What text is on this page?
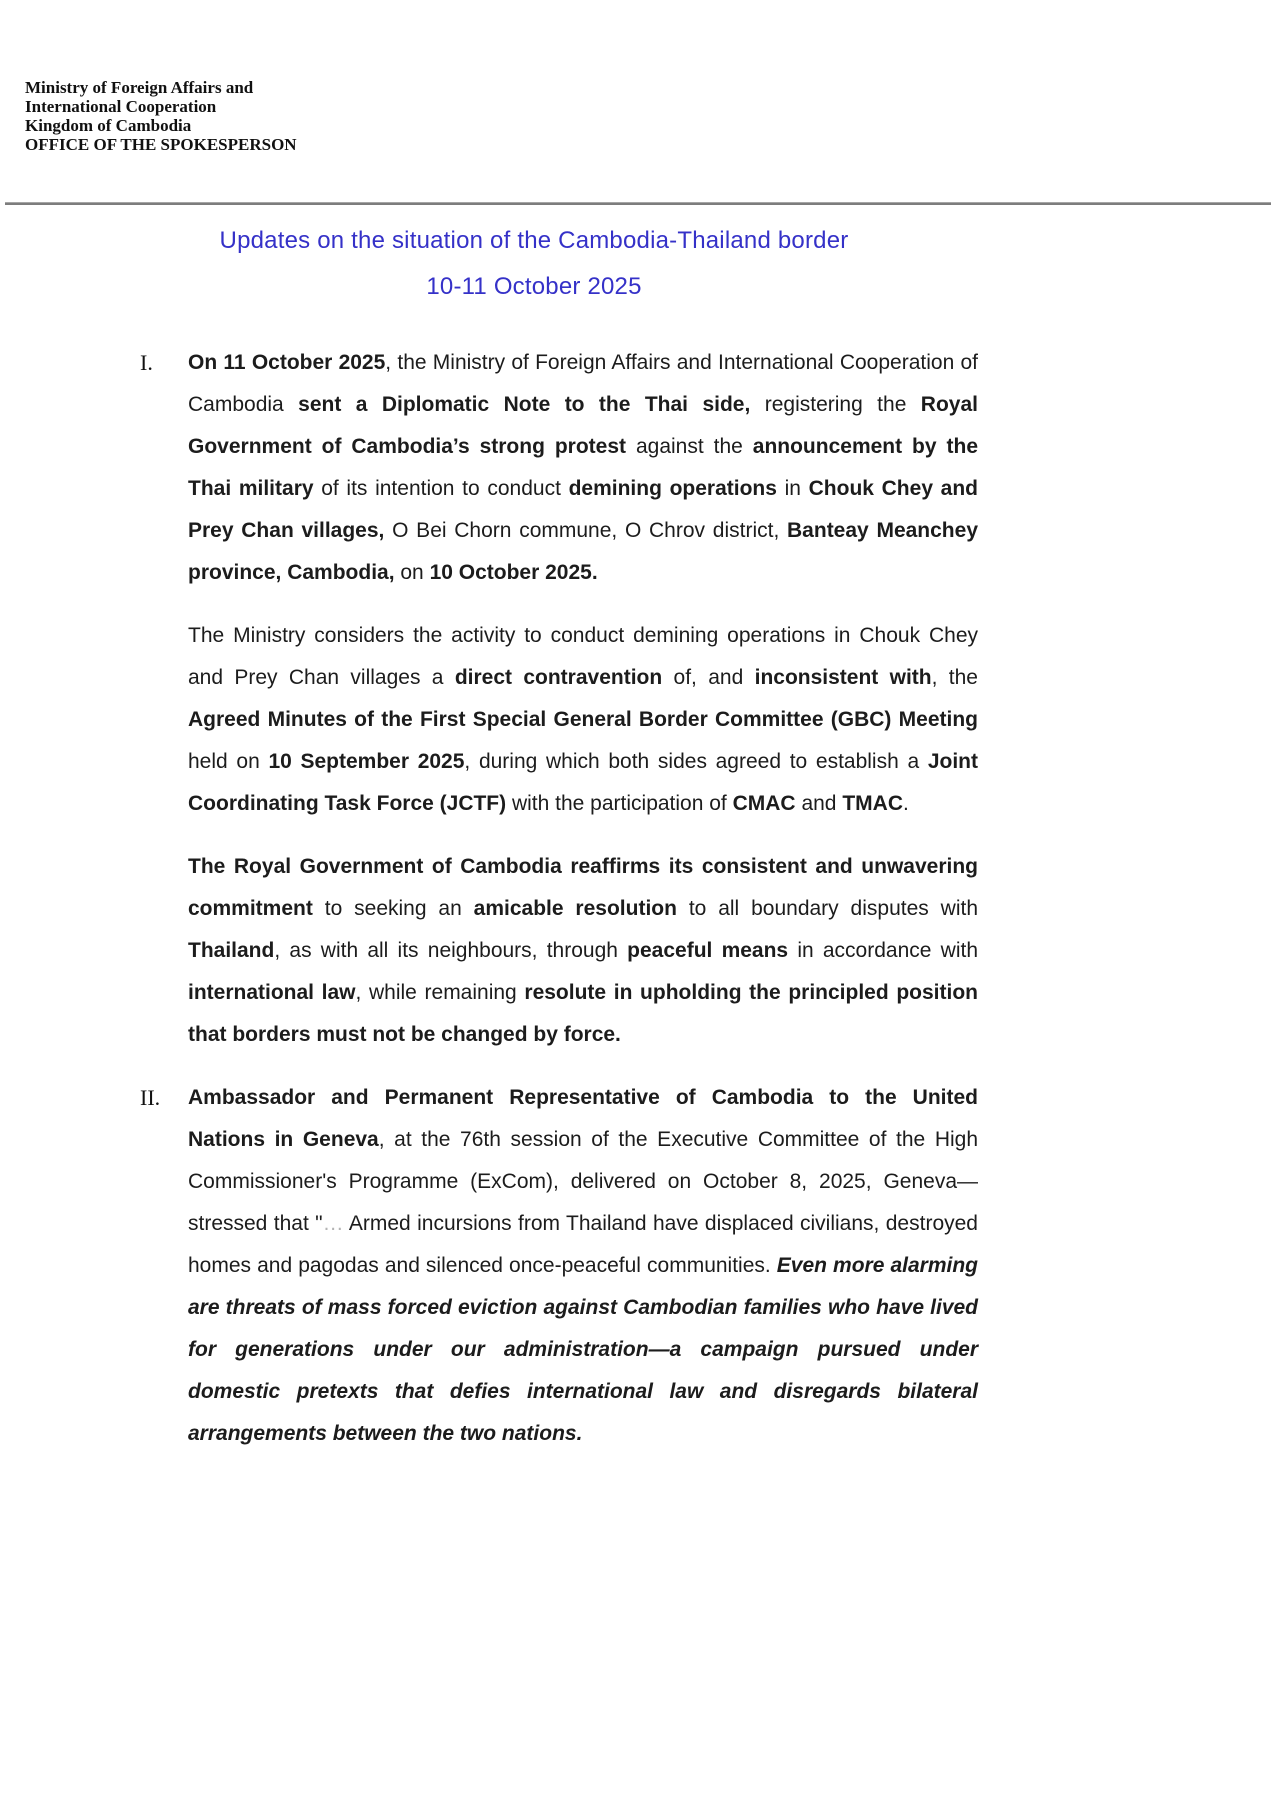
Ministry of Foreign Affairs and
International Cooperation
Kingdom of Cambodia
OFFICE OF THE SPOKESPERSON
Updates on the situation of the Cambodia-Thailand border
10-11 October 2025
I.	On 11 October 2025, the Ministry of Foreign Affairs and International Cooperation of Cambodia sent a Diplomatic Note to the Thai side, registering the Royal Government of Cambodia’s strong protest against the announcement by the Thai military of its intention to conduct demining operations in Chouk Chey and Prey Chan villages, O Bei Chorn commune, O Chrov district, Banteay Meanchey province, Cambodia, on 10 October 2025.
The Ministry considers the activity to conduct demining operations in Chouk Chey and Prey Chan villages a direct contravention of, and inconsistent with, the Agreed Minutes of the First Special General Border Committee (GBC) Meeting held on 10 September 2025, during which both sides agreed to establish a Joint Coordinating Task Force (JCTF) with the participation of CMAC and TMAC.
The Royal Government of Cambodia reaffirms its consistent and unwavering commitment to seeking an amicable resolution to all boundary disputes with Thailand, as with all its neighbours, through peaceful means in accordance with international law, while remaining resolute in upholding the principled position that borders must not be changed by force.
II.	Ambassador and Permanent Representative of Cambodia to the United Nations in Geneva, at the 76th session of the Executive Committee of the High Commissioner's Programme (ExCom), delivered on October 8, 2025, Geneva— stressed that "… Armed incursions from Thailand have displaced civilians, destroyed homes and pagodas and silenced once-peaceful communities. Even more alarming are threats of mass forced eviction against Cambodian families who have lived for generations under our administration—a campaign pursued under domestic pretexts that defies international law and disregards bilateral arrangements between the two nations.
